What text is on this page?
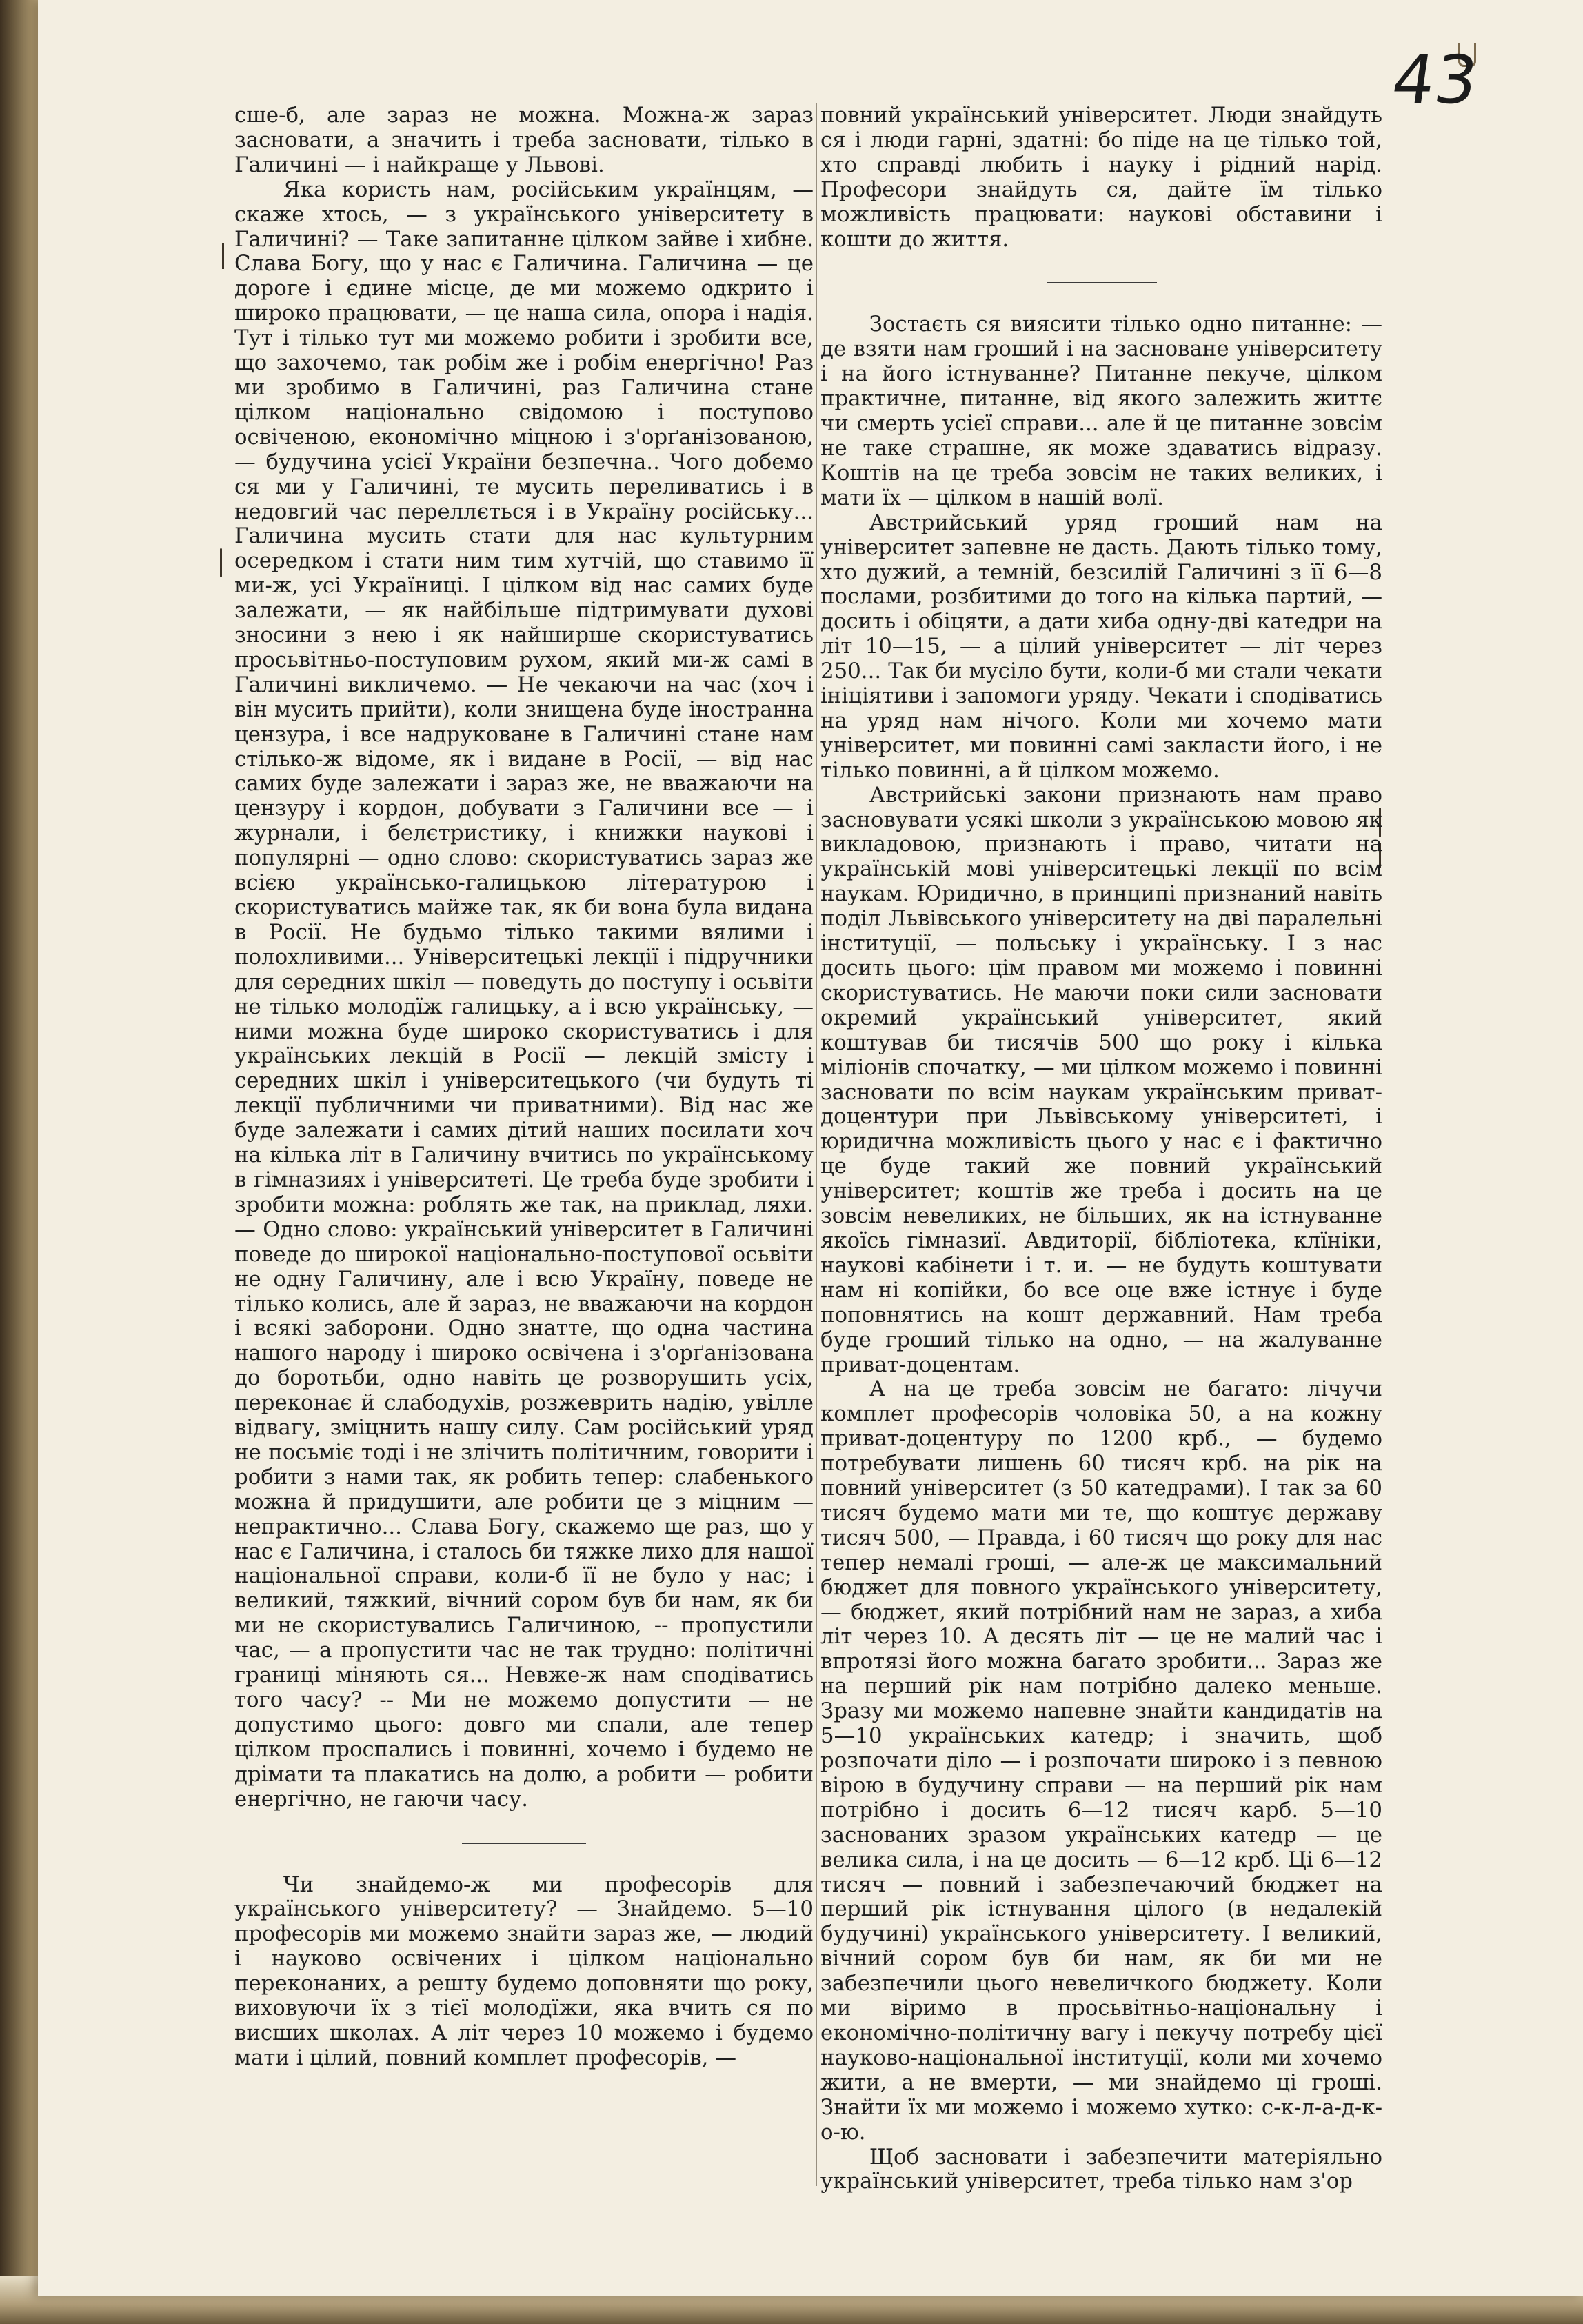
43

сше-б, але зараз не можна. Можна-ж зараз засновати, а значить і треба засновати, тілько в Галичині — і найкраще у Львові.

Яка користь нам, російським українцям, — скаже хтось, — з українського університету в Галичині? — Таке запитанне цілком зайве і хибне. Слава Богу, що у нас є Галичина. Галичина — це дороге і єдине місце, де ми можемо одкрито і широко працювати, — це наша сила, опора і надія. Тут і тілько тут ми можемо робити і зробити все, що захочемо, так робім же і робім енергічно! Раз ми зробимо в Галичині, раз Галичина стане цілком національно свідомою і поступово освіченою, економічно міцною і з'орґанізованою, — будучина усієї України безпечна.. Чого добемо ся ми у Галичині, те мусить переливатись і в недовгий час переллється і в Україну російську... Галичина мусить стати для нас культурним осередком і стати ним тим хутчій, що ставимо її ми-ж, усі Україниці. І цілком від нас самих буде залежати, — як найбільше підтримувати духові зносини з нею і як найширше скористуватись просьвітньо-поступовим рухом, який ми-ж самі в Галичині викличемо. — Не чекаючи на час (хоч і він мусить прийти), коли знищена буде іностранна цензура, і все надруковане в Галичині стане нам стілько-ж відоме, як і видане в Росії, — від нас самих буде залежати і зараз же, не вважаючи на цензуру і кордон, добувати з Галичини все — і журнали, і белєтристику, і книжки наукові і популярні — одно слово: скористуватись зараз же всією українсько-галицькою літературою і скористуватись майже так, як би вона була видана в Росії. Не будьмо тілько такими вялими і полохливими... Університецькі лекції і підручники для середних шкіл — поведуть до поступу і осьвіти не тілько молодїж галицьку, а і всю українську, — ними можна буде широко скористуватись і для українських лекцій в Росії — лекцій змісту і середних шкіл і університецького (чи будуть ті лекції публичними чи приватними). Від нас же буде залежати і самих дітий наших посилати хоч на кілька літ в Галичину вчитись по українському в гімназиях і університеті. Це треба буде зробити і зробити можна: роблять же так, на приклад, ляхи. — Одно слово: український університет в Галичині поведе до широкої національно-поступової осьвіти не одну Галичину, але і всю Україну, поведе не тілько колись, але й зараз, не вважаючи на кордон і всякі заборони. Одно знатте, що одна частина нашого народу і широко освічена і з'орґанізована до боротьби, одно навіть це розворушить усіх, переконає й слабодухів, розжеврить надію, увілле відвагу, зміцнить нашу силу. Сам російський уряд не посьміє тоді і не злічить політичним, говорити і робити з нами так, як робить тепер: слабенького можна й придушити, але робити це з міцним — непрактично... Слава Богу, скажемо ще раз, що у нас є Галичина, і сталось би тяжке лихо для нашої національної справи, коли-б її не було у нас; і великий, тяжкий, вічний сором був би нам, як би ми не скористувались Галичиною, -- пропустили час, — а пропустити час не так трудно: політичні границі міняють ся... Невже-ж нам сподіватись того часу? -- Ми не можемо допустити — не допустимо цього: довго ми спали, але тепер цілком проспались і повинні, хочемо і будемо не дрімати та плакатись на долю, а робити — робити енергічно, не гаючи часу.

Чи знайдемо-ж ми професорів для українського університету? — Знайдемо. 5—10 професорів ми можемо знайти зараз же, — людий і науково освічених і цілком національно переконаних, а решту будемо доповняти що року, виховуючи їх з тієї молодїжи, яка вчить ся по висших школах. А літ через 10 можемо і будемо мати і цілий, повний комплет професорів, —

повний український університет. Люди знайдуть ся і люди гарні, здатні: бо піде на це тілько той, хто справді любить і науку і рідний нарід. Професори знайдуть ся, дайте їм тілько можливість працювати: наукові обставини і кошти до життя.

Зостаєть ся виясити тілько одно питанне: — де взяти нам гроший і на засноване університету і на його істнуванне? Питанне пекуче, цілком практичне, питанне, від якого залежить життє чи смерть усієї справи... але й це питанне зовсім не таке страшне, як може здаватись відразу. Коштів на це треба зовсім не таких великих, і мати їх — цілком в нашій волї.

Австрийський уряд гроший нам на університет запевне не дасть. Дають тілько тому, хто дужий, а темній, безсилій Галичині з її 6—8 послами, розбитими до того на кілька партий, — досить і обіцяти, а дати хиба одну-дві катедри на літ 10—15, — а цілий університет — літ через 250... Так би мусіло бути, коли-б ми стали чекати ініціятиви і запомоги уряду. Чекати і сподіватись на уряд нам нічого. Коли ми хочемо мати університет, ми повинні самі закласти його, і не тілько повинні, а й цілком можемо.

Австрийські закони признають нам право засновувати усякі школи з українською мовою як викладовою, признають і право, читати на українській мові університецькі лекції по всім наукам. Юридично, в принципі признаний навіть поділ Львівського університету на дві паралельні інституції, — польську і українську. І з нас досить цього: цім правом ми можемо і повинні скористуватись. Не маючи поки сили засновати окремий український університет, який коштував би тисячів 500 що року і кілька міліонів спочатку, — ми цілком можемо і повинні засновати по всім наукам українським приват-доцентури при Львівському університеті, і юридична можливість цього у нас є і фактично це буде такий же повний український університет; коштів же треба і досить на це зовсім невеликих, не більших, як на істнуванне якоїсь гімназиї. Авдиторії, бібліотека, клїніки, наукові кабінети і т. и. — не будуть коштувати нам ні копійки, бо все оце вже істнує і буде поповнятись на кошт державний. Нам треба буде гроший тілько на одно, — на жалуванне приват-доцентам.

А на це треба зовсім не багато: лічучи комплет професорів чоловіка 50, а на кожну приват-доцентуру по 1200 крб., — будемо потребувати лишень 60 тисяч крб. на рік на повний університет (з 50 катедрами). І так за 60 тисяч будемо мати ми те, що коштує державу тисяч 500, — Правда, і 60 тисяч що року для нас тепер немалі гроші, — але-ж це максимальний бюджет для повного українського університету, — бюджет, який потрібний нам не зараз, а хиба літ через 10. А десять літ — це не малий час і впротязі його можна багато зробити... Зараз же на перший рік нам потрібно далеко меньше. Зразу ми можемо напевне знайти кандидатів на 5—10 українських катедр; і значить, щоб розпочати діло — і розпочати широко і з певною вірою в будучину справи — на перший рік нам потрібно і досить 6—12 тисяч карб. 5—10 заснованих зразом українських катедр — це велика сила, і на це досить — 6—12 крб. Ці 6—12 тисяч — повний і забезпечаючий бюджет на перший рік істнування цілого (в недалекій будучині) українського університету. І великий, вічний сором був би нам, як би ми не забезпечили цього невеличкого бюджету. Коли ми віримо в просьвітньо-національну і економічно-політичну вагу і пекучу потребу цієї науково-національної інституції, коли ми хочемо жити, а не вмерти, — ми знайдемо ці гроші. Знайти їх ми можемо і можемо хутко: с-к-л-а-д-к-о-ю.

Щоб засновати і забезпечити матеріяльно український університет, треба тілько нам з'ор
